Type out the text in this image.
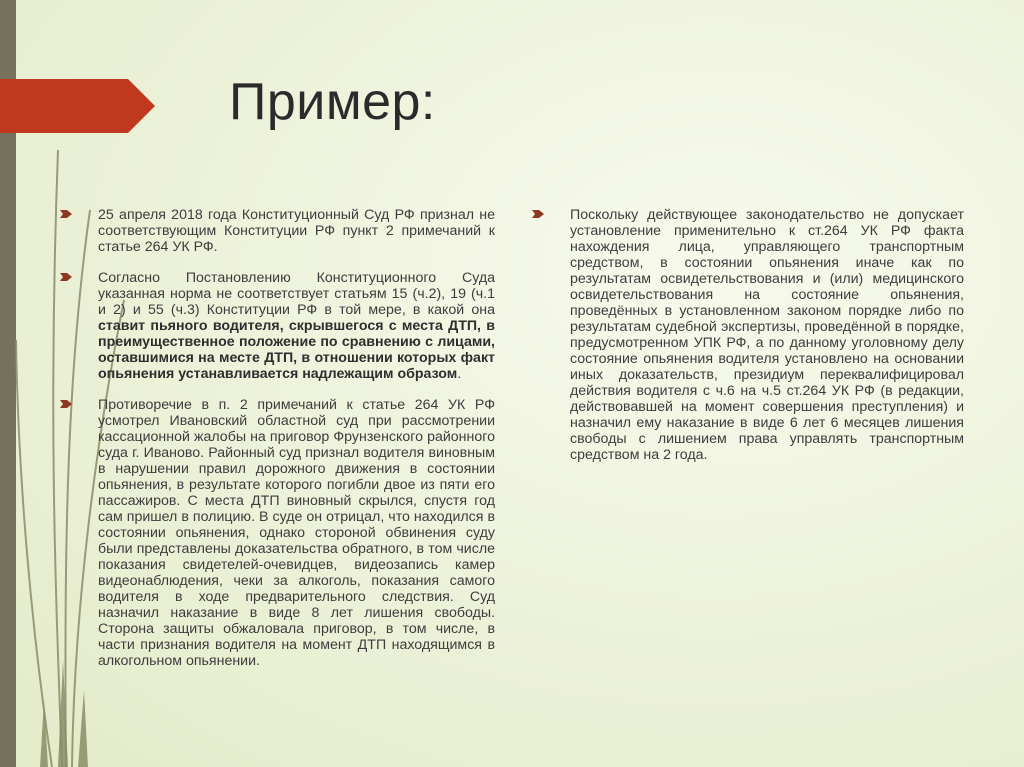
Пример:
25 апреля 2018 года Конституционный Суд РФ признал не соответствующим Конституции РФ пункт 2 примечаний к статье 264 УК РФ.
Согласно Постановлению Конституционного Суда указанная норма не соответствует статьям 15 (ч.2), 19 (ч.1 и 2) и 55 (ч.3) Конституции РФ в той мере, в какой она ставит пьяного водителя, скрывшегося с места ДТП, в преимущественное положение по сравнению с лицами, оставшимися на месте ДТП, в отношении которых факт опьянения устанавливается надлежащим образом.
Противоречие в п. 2 примечаний к статье 264 УК РФ усмотрел Ивановский областной суд при рассмотрении кассационной жалобы на приговор Фрунзенского районного суда г. Иваново. Районный суд признал водителя виновным в нарушении правил дорожного движения в состоянии опьянения, в результате которого погибли двое из пяти его пассажиров. С места ДТП виновный скрылся, спустя год сам пришел в полицию. В суде он отрицал, что находился в состоянии опьянения, однако стороной обвинения суду были представлены доказательства обратного, в том числе показания свидетелей-очевидцев, видеозапись камер видеонаблюдения, чеки за алкоголь, показания самого водителя в ходе предварительного следствия. Суд назначил наказание в виде 8 лет лишения свободы. Сторона защиты обжаловала приговор, в том числе, в части признания водителя на момент ДТП находящимся в алкогольном опьянении.
Поскольку действующее законодательство не допускает установление применительно к ст.264 УК РФ факта нахождения лица, управляющего транспортным средством, в состоянии опьянения иначе как по результатам освидетельствования и (или) медицинского освидетельствования на состояние опьянения, проведённых в установленном законом порядке либо по результатам судебной экспертизы, проведённой в порядке, предусмотренном УПК РФ, а по данному уголовному делу состояние опьянения водителя установлено на основании иных доказательств, президиум переквалифицировал действия водителя с ч.6 на ч.5 ст.264 УК РФ (в редакции, действовавшей на момент совершения преступления) и назначил ему наказание в виде 6 лет 6 месяцев лишения свободы с лишением права управлять транспортным средством на 2 года.
